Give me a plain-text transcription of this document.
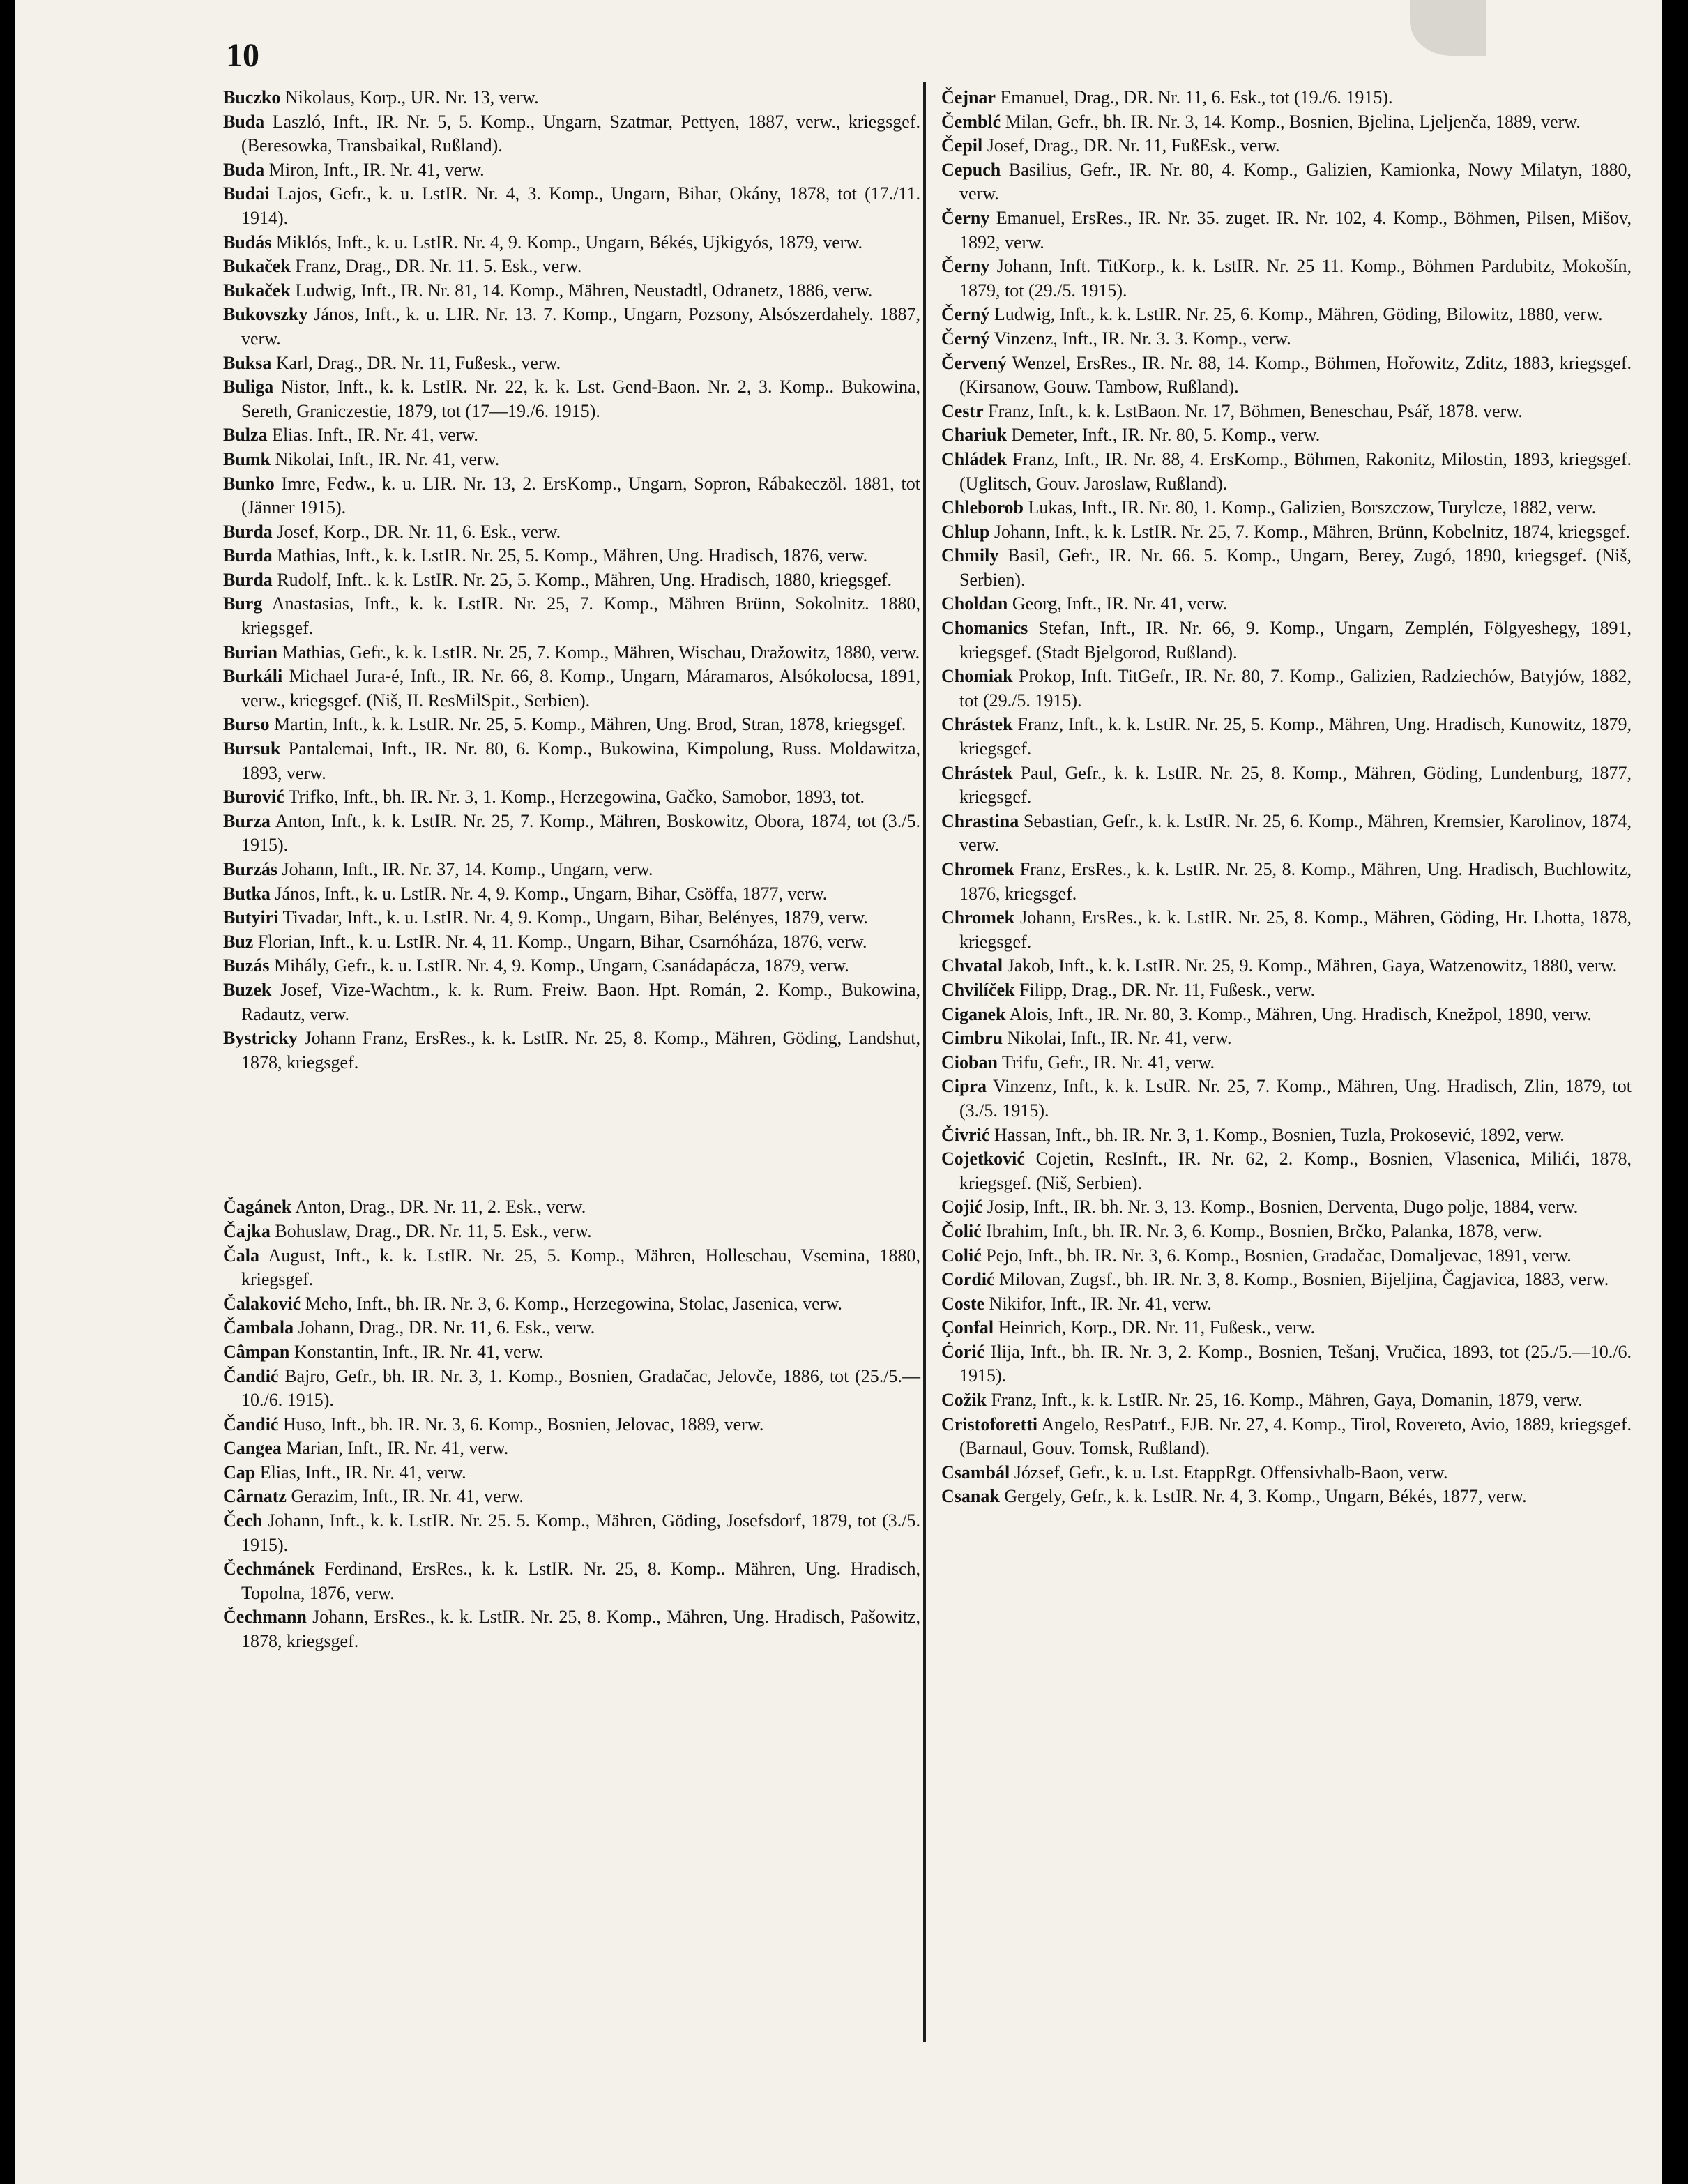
10

Buczko Nikolaus, Korp., UR. Nr. 13, verw.

Buda Laszló, Inft., IR. Nr. 5, 5. Komp., Ungarn, Szatmar, Pettyen, 1887, verw., kriegsgef. (Beresowka, Transbaikal, Rußland).

Buda Miron, Inft., IR. Nr. 41, verw.

Budai Lajos, Gefr., k. u. LstIR. Nr. 4, 3. Komp., Ungarn, Bihar, Okány, 1878, tot (17./11. 1914).

Budás Miklós, Inft., k. u. LstIR. Nr. 4, 9. Komp., Ungarn, Békés, Ujkigyós, 1879, verw.

Bukaček Franz, Drag., DR. Nr. 11. 5. Esk., verw.

Bukaček Ludwig, Inft., IR. Nr. 81, 14. Komp., Mähren, Neustadtl, Odranetz, 1886, verw.

Bukovszky János, Inft., k. u. LIR. Nr. 13. 7. Komp., Ungarn, Pozsony, Alsószerdahely. 1887, verw.

Buksa Karl, Drag., DR. Nr. 11, Fußesk., verw.

Buliga Nistor, Inft., k. k. LstIR. Nr. 22, k. k. Lst. Gend-Baon. Nr. 2, 3. Komp.. Bukowina, Sereth, Graniczestie, 1879, tot (17—19./6. 1915).

Bulza Elias. Inft., IR. Nr. 41, verw.

Bumk Nikolai, Inft., IR. Nr. 41, verw.

Bunko Imre, Fedw., k. u. LIR. Nr. 13, 2. ErsKomp., Ungarn, Sopron, Rábakeczöl. 1881, tot (Jänner 1915).

Burda Josef, Korp., DR. Nr. 11, 6. Esk., verw.

Burda Mathias, Inft., k. k. LstIR. Nr. 25, 5. Komp., Mähren, Ung. Hradisch, 1876, verw.

Burda Rudolf, Inft.. k. k. LstIR. Nr. 25, 5. Komp., Mähren, Ung. Hradisch, 1880, kriegsgef.

Burg Anastasias, Inft., k. k. LstIR. Nr. 25, 7. Komp., Mähren Brünn, Sokolnitz. 1880, kriegsgef.

Burian Mathias, Gefr., k. k. LstIR. Nr. 25, 7. Komp., Mähren, Wischau, Dražowitz, 1880, verw.

Burkáli Michael Jura-é, Inft., IR. Nr. 66, 8. Komp., Ungarn, Máramaros, Alsókolocsa, 1891, verw., kriegsgef. (Niš, II. ResMilSpit., Serbien).

Burso Martin, Inft., k. k. LstIR. Nr. 25, 5. Komp., Mähren, Ung. Brod, Stran, 1878, kriegsgef.

Bursuk Pantalemai, Inft., IR. Nr. 80, 6. Komp., Bukowina, Kimpolung, Russ. Moldawitza, 1893, verw.

Burović Trifko, Inft., bh. IR. Nr. 3, 1. Komp., Herzegowina, Gačko, Samobor, 1893, tot.

Burza Anton, Inft., k. k. LstIR. Nr. 25, 7. Komp., Mähren, Boskowitz, Obora, 1874, tot (3./5. 1915).

Burzás Johann, Inft., IR. Nr. 37, 14. Komp., Ungarn, verw.

Butka János, Inft., k. u. LstIR. Nr. 4, 9. Komp., Ungarn, Bihar, Csöffa, 1877, verw.

Butyiri Tivadar, Inft., k. u. LstIR. Nr. 4, 9. Komp., Ungarn, Bihar, Belényes, 1879, verw.

Buz Florian, Inft., k. u. LstIR. Nr. 4, 11. Komp., Ungarn, Bihar, Csarnóháza, 1876, verw.

Buzás Mihály, Gefr., k. u. LstIR. Nr. 4, 9. Komp., Ungarn, Csanádapácza, 1879, verw.

Buzek Josef, Vize-Wachtm., k. k. Rum. Freiw. Baon. Hpt. Román, 2. Komp., Bukowina, Radautz, verw.

Bystricky Johann Franz, ErsRes., k. k. LstIR. Nr. 25, 8. Komp., Mähren, Göding, Landshut, 1878, kriegsgef.

Čagánek Anton, Drag., DR. Nr. 11, 2. Esk., verw.

Čajka Bohuslaw, Drag., DR. Nr. 11, 5. Esk., verw.

Čala August, Inft., k. k. LstIR. Nr. 25, 5. Komp., Mähren, Holleschau, Vsemina, 1880, kriegsgef.

Čalaković Meho, Inft., bh. IR. Nr. 3, 6. Komp., Herzegowina, Stolac, Jasenica, verw.

Čambala Johann, Drag., DR. Nr. 11, 6. Esk., verw.

Câmpan Konstantin, Inft., IR. Nr. 41, verw.

Čandić Bajro, Gefr., bh. IR. Nr. 3, 1. Komp., Bosnien, Gradačac, Jelovče, 1886, tot (25./5.—10./6. 1915).

Čandić Huso, Inft., bh. IR. Nr. 3, 6. Komp., Bosnien, Jelovac, 1889, verw.

Cangea Marian, Inft., IR. Nr. 41, verw.

Cap Elias, Inft., IR. Nr. 41, verw.

Cârnatz Gerazim, Inft., IR. Nr. 41, verw.

Čech Johann, Inft., k. k. LstIR. Nr. 25. 5. Komp., Mähren, Göding, Josefsdorf, 1879, tot (3./5. 1915).

Čechmánek Ferdinand, ErsRes., k. k. LstIR. Nr. 25, 8. Komp.. Mähren, Ung. Hradisch, Topolna, 1876, verw.

Čechmann Johann, ErsRes., k. k. LstIR. Nr. 25, 8. Komp., Mähren, Ung. Hradisch, Pašowitz, 1878, kriegsgef.

Čejnar Emanuel, Drag., DR. Nr. 11, 6. Esk., tot (19./6. 1915).

Čemblć Milan, Gefr., bh. IR. Nr. 3, 14. Komp., Bosnien, Bjelina, Ljeljenča, 1889, verw.

Čepil Josef, Drag., DR. Nr. 11, FußEsk., verw.

Cepuch Basilius, Gefr., IR. Nr. 80, 4. Komp., Galizien, Kamionka, Nowy Milatyn, 1880, verw.

Černy Emanuel, ErsRes., IR. Nr. 35. zuget. IR. Nr. 102, 4. Komp., Böhmen, Pilsen, Mišov, 1892, verw.

Černy Johann, Inft. TitKorp., k. k. LstIR. Nr. 25 11. Komp., Böhmen Pardubitz, Mokošín, 1879, tot (29./5. 1915).

Černý Ludwig, Inft., k. k. LstIR. Nr. 25, 6. Komp., Mähren, Göding, Bilowitz, 1880, verw.

Černý Vinzenz, Inft., IR. Nr. 3. 3. Komp., verw.

Červený Wenzel, ErsRes., IR. Nr. 88, 14. Komp., Böhmen, Hořowitz, Zditz, 1883, kriegsgef. (Kirsanow, Gouw. Tambow, Rußland).

Cestr Franz, Inft., k. k. LstBaon. Nr. 17, Böhmen, Beneschau, Psář, 1878. verw.

Chariuk Demeter, Inft., IR. Nr. 80, 5. Komp., verw.

Chládek Franz, Inft., IR. Nr. 88, 4. ErsKomp., Böhmen, Rakonitz, Milostin, 1893, kriegsgef. (Uglitsch, Gouv. Jaroslaw, Rußland).

Chleborob Lukas, Inft., IR. Nr. 80, 1. Komp., Galizien, Borszczow, Turylcze, 1882, verw.

Chlup Johann, Inft., k. k. LstIR. Nr. 25, 7. Komp., Mähren, Brünn, Kobelnitz, 1874, kriegsgef.

Chmily Basil, Gefr., IR. Nr. 66. 5. Komp., Ungarn, Berey, Zugó, 1890, kriegsgef. (Niš, Serbien).

Choldan Georg, Inft., IR. Nr. 41, verw.

Chomanics Stefan, Inft., IR. Nr. 66, 9. Komp., Ungarn, Zemplén, Fölgyeshegy, 1891, kriegsgef. (Stadt Bjelgorod, Rußland).

Chomiak Prokop, Inft. TitGefr., IR. Nr. 80, 7. Komp., Galizien, Radziechów, Batyjów, 1882, tot (29./5. 1915).

Chrástek Franz, Inft., k. k. LstIR. Nr. 25, 5. Komp., Mähren, Ung. Hradisch, Kunowitz, 1879, kriegsgef.

Chrástek Paul, Gefr., k. k. LstIR. Nr. 25, 8. Komp., Mähren, Göding, Lundenburg, 1877, kriegsgef.

Chrastina Sebastian, Gefr., k. k. LstIR. Nr. 25, 6. Komp., Mähren, Kremsier, Karolinov, 1874, verw.

Chromek Franz, ErsRes., k. k. LstIR. Nr. 25, 8. Komp., Mähren, Ung. Hradisch, Buchlowitz, 1876, kriegsgef.

Chromek Johann, ErsRes., k. k. LstIR. Nr. 25, 8. Komp., Mähren, Göding, Hr. Lhotta, 1878, kriegsgef.

Chvatal Jakob, Inft., k. k. LstIR. Nr. 25, 9. Komp., Mähren, Gaya, Watzenowitz, 1880, verw.

Chvilíček Filipp, Drag., DR. Nr. 11, Fußesk., verw.

Ciganek Alois, Inft., IR. Nr. 80, 3. Komp., Mähren, Ung. Hradisch, Knežpol, 1890, verw.

Cimbru Nikolai, Inft., IR. Nr. 41, verw.

Cioban Trifu, Gefr., IR. Nr. 41, verw.

Cipra Vinzenz, Inft., k. k. LstIR. Nr. 25, 7. Komp., Mähren, Ung. Hradisch, Zlin, 1879, tot (3./5. 1915).

Čivrić Hassan, Inft., bh. IR. Nr. 3, 1. Komp., Bosnien, Tuzla, Prokosević, 1892, verw.

Cojetković Cojetin, ResInft., IR. Nr. 62, 2. Komp., Bosnien, Vlasenica, Milići, 1878, kriegsgef. (Niš, Serbien).

Cojić Josip, Inft., IR. bh. Nr. 3, 13. Komp., Bosnien, Derventa, Dugo polje, 1884, verw.

Čolić Ibrahim, Inft., bh. IR. Nr. 3, 6. Komp., Bosnien, Brčko, Palanka, 1878, verw.

Colić Pejo, Inft., bh. IR. Nr. 3, 6. Komp., Bosnien, Gradačac, Domaljevac, 1891, verw.

Cordić Milovan, Zugsf., bh. IR. Nr. 3, 8. Komp., Bosnien, Bijeljina, Čagjavica, 1883, verw.

Coste Nikifor, Inft., IR. Nr. 41, verw.

Çonfal Heinrich, Korp., DR. Nr. 11, Fußesk., verw.

Ćorić Ilija, Inft., bh. IR. Nr. 3, 2. Komp., Bosnien, Tešanj, Vručica, 1893, tot (25./5.—10./6. 1915).

Cožik Franz, Inft., k. k. LstIR. Nr. 25, 16. Komp., Mähren, Gaya, Domanin, 1879, verw.

Cristoforetti Angelo, ResPatrf., FJB. Nr. 27, 4. Komp., Tirol, Rovereto, Avio, 1889, kriegsgef. (Barnaul, Gouv. Tomsk, Rußland).

Csambál József, Gefr., k. u. Lst. EtappRgt. Offensivhalb-Baon, verw.

Csanak Gergely, Gefr., k. k. LstIR. Nr. 4, 3. Komp., Ungarn, Békés, 1877, verw.
